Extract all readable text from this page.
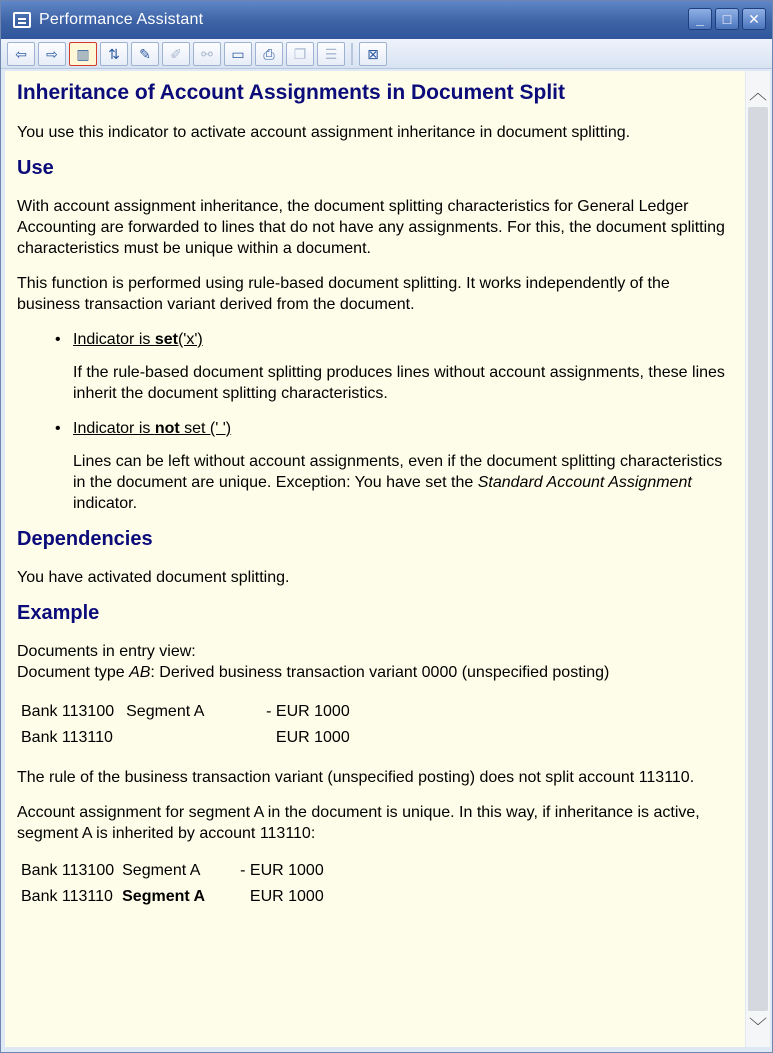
Performance Assistant	_	□	✕
⇦	⇨	▥	⇅	✎	✐	⚯	▭	⎙	❐	☰	⊠
Inheritance of Account Assignments in Document Split

You use this indicator to activate account assignment inheritance in document splitting.

Use

With account assignment inheritance, the document splitting characteristics for General Ledger Accounting are forwarded to lines that do not have any assignments. For this, the document splitting characteristics must be unique within a document.

This function is performed using rule-based document splitting. It works independently of the business transaction variant derived from the document.

• Indicator is set('x')
If the rule-based document splitting produces lines without account assignments, these lines inherit the document splitting characteristics.
• Indicator is not set (' ')
Lines can be left without account assignments, even if the document splitting characteristics in the document are unique. Exception: You have set the Standard Account Assignment indicator.
Dependencies

You have activated document splitting.

Example

Documents in entry view:
Document type AB: Derived business transaction variant 0000 (unspecified posting)

Bank 113100	Segment A	- EUR 1000
Bank 113110		EUR 1000

The rule of the business transaction variant (unspecified posting) does not split account 113110.

Account assignment for segment A in the document is unique. In this way, if inheritance is active, segment A is inherited by account 113110:

Bank 113100	Segment A	- EUR 1000
Bank 113110	Segment A	EUR 1000
︿
﹀
